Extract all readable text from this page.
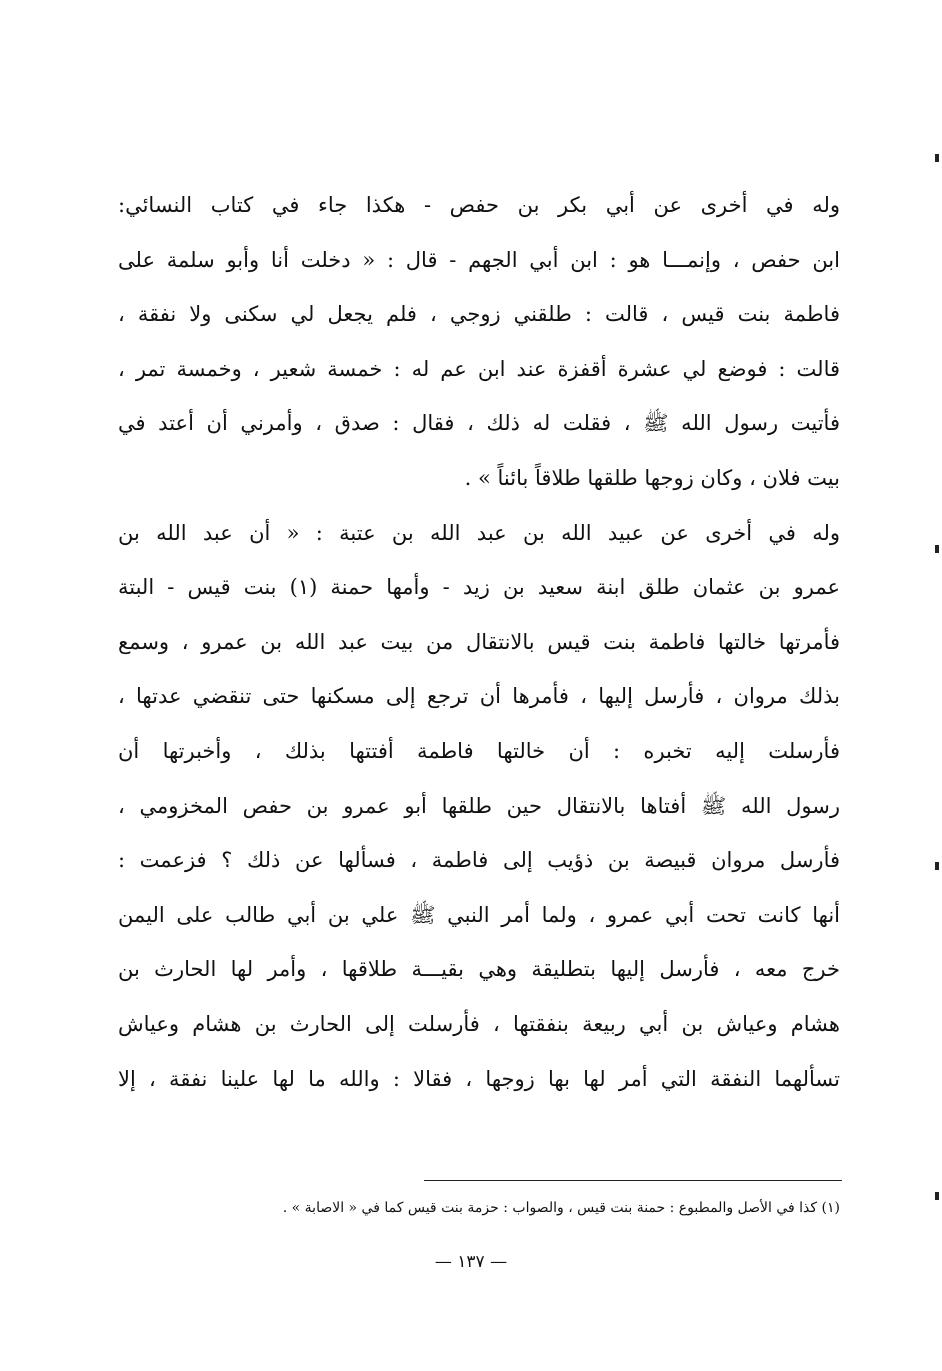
وله في أخرى عن أبي بكر بن حفص - هكذا جاء في كتاب النسائي:
ابن حفص ، وإنمـــا هو : ابن أبي الجهم - قال : « دخلت أنا وأبو سلمة على
فاطمة بنت قيس ، قالت : طلقني زوجي ، فلم يجعل لي سكنى ولا نفقة ،
قالت : فوضع لي عشرة أقفزة عند ابن عم له : خمسة شعير ، وخمسة تمر ،
فأتيت رسول الله ﷺ ، فقلت له ذلك ، فقال : صدق ، وأمرني أن أعتد في
بيت فلان ، وكان زوجها طلقها طلاقاً بائناً » .
وله في أخرى عن عبيد الله بن عبد الله بن عتبة : « أن عبد الله بن
عمرو بن عثمان طلق ابنة سعيد بن زيد - وأمها حمنة (١) بنت قيس - البتة
فأمرتها خالتها فاطمة بنت قيس بالانتقال من بيت عبد الله بن عمرو ، وسمع
بذلك مروان ، فأرسل إليها ، فأمرها أن ترجع إلى مسكنها حتى تنقضي عدتها ،
فأرسلت إليه تخبره : أن خالتها فاطمة أفتتها بذلك ، وأخبرتها أن
رسول الله ﷺ أفتاها بالانتقال حين طلقها أبو عمرو بن حفص المخزومي ،
فأرسل مروان قبيصة بن ذؤيب إلى فاطمة ، فسألها عن ذلك ؟ فزعمت :
أنها كانت تحت أبي عمرو ، ولما أمر النبي ﷺ علي بن أبي طالب على اليمن
خرج معه ، فأرسل إليها بتطليقة وهي بقيـــة طلاقها ، وأمر لها الحارث بن
هشام وعياش بن أبي ربيعة بنفقتها ، فأرسلت إلى الحارث بن هشام وعياش
تسألهما النفقة التي أمر لها بها زوجها ، فقالا : والله ما لها علينا نفقة ، إلا
(١) كذا في الأصل والمطبوع : حمنة بنت قيس ، والصواب : حزمة بنت قيس كما في « الاصابة » .
— ١٣٧ —
